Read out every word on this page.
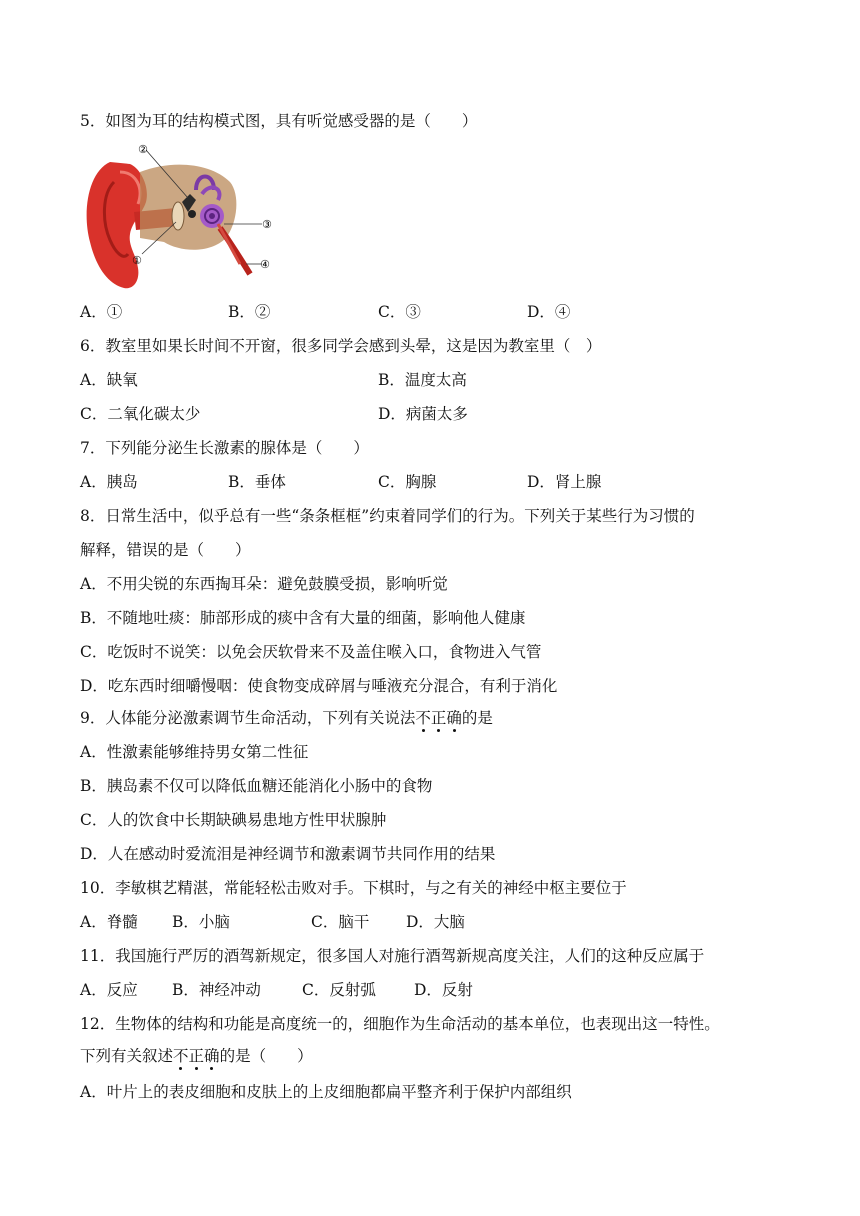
5．如图为耳的结构模式图，具有听觉感受器的是（　　）
②
③
①	④
A．①	B．②	C．③	D．④
6．教室里如果长时间不开窗，很多同学会感到头晕，这是因为教室里（　）
A．缺氧	B．温度太高
C．二氧化碳太少	D．病菌太多
7．下列能分泌生长激素的腺体是（　　）
A．胰岛	B．垂体	C．胸腺	D．肾上腺
8．日常生活中，似乎总有一些“条条框框”约束着同学们的行为。下列关于某些行为习惯的
解释，错误的是（　　）
A．不用尖锐的东西掏耳朵：避免鼓膜受损，影响听觉
B．不随地吐痰：肺部形成的痰中含有大量的细菌，影响他人健康
C．吃饭时不说笑：以免会厌软骨来不及盖住喉入口，食物进入气管
D．吃东西时细嚼慢咽：使食物变成碎屑与唾液充分混合，有利于消化
9．人体能分泌激素调节生命活动，下列有关说法不正确的是
A．性激素能够维持男女第二性征
B．胰岛素不仅可以降低血糖还能消化小肠中的食物
C．人的饮食中长期缺碘易患地方性甲状腺肿
D．人在感动时爱流泪是神经调节和激素调节共同作用的结果
10．李敏棋艺精湛，常能轻松击败对手。下棋时，与之有关的神经中枢主要位于
A．脊髓 B．小脑	C．脑干 D．大脑
11．我国施行严厉的酒驾新规定，很多国人对施行酒驾新规高度关注，人们的这种反应属于
A．反应 B．神经冲动	C．反射弧 D．反射
12．生物体的结构和功能是高度统一的，细胞作为生命活动的基本单位，也表现出这一特性。
下列有关叙述不正确的是（　　）
A．叶片上的表皮细胞和皮肤上的上皮细胞都扁平整齐利于保护内部组织
